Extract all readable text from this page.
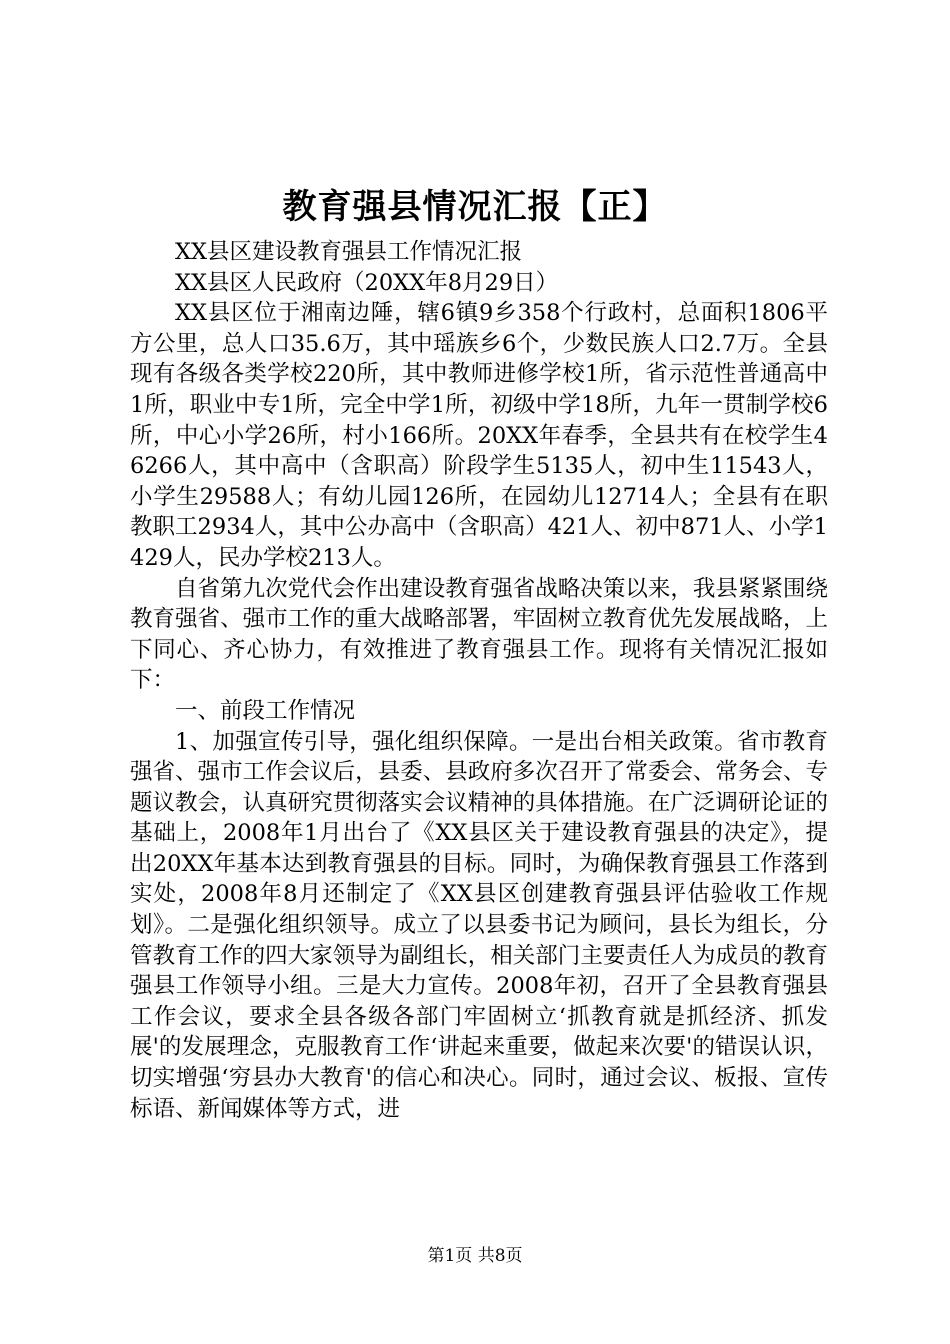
教育强县情况汇报【正】

XX县区建设教育强县工作情况汇报

XX县区人民政府（20XX年8月29日）

XX县区位于湘南边陲，辖6镇9乡358个行政村，总面积1806平方公里，总人口35.6万，其中瑶族乡6个，少数民族人口2.7万。全县现有各级各类学校220所，其中教师进修学校1所，省示范性普通高中1所，职业中专1所，完全中学1所，初级中学18所，九年一贯制学校6所，中心小学26所，村小166所。20XX年春季，全县共有在校学生46266人，其中高中（含职高）阶段学生5135人，初中生11543人，小学生29588人；有幼儿园126所，在园幼儿12714人；全县有在职教职工2934人，其中公办高中（含职高）421人、初中871人、小学1429人，民办学校213人。

自省第九次党代会作出建设教育强省战略决策以来，我县紧紧围绕教育强省、强市工作的重大战略部署，牢固树立教育优先发展战略，上下同心、齐心协力，有效推进了教育强县工作。现将有关情况汇报如下：

一、前段工作情况

1、加强宣传引导，强化组织保障。一是出台相关政策。省市教育强省、强市工作会议后，县委、县政府多次召开了常委会、常务会、专题议教会，认真研究贯彻落实会议精神的具体措施。在广泛调研论证的基础上，2008年1月出台了《XX县区关于建设教育强县的决定》，提出20XX年基本达到教育强县的目标。同时，为确保教育强县工作落到实处，2008年8月还制定了《XX县区创建教育强县评估验收工作规划》。二是强化组织领导。成立了以县委书记为顾问，县长为组长，分管教育工作的四大家领导为副组长，相关部门主要责任人为成员的教育强县工作领导小组。三是大力宣传。2008年初，召开了全县教育强县工作会议，要求全县各级各部门牢固树立‘抓教育就是抓经济、抓发展'的发展理念，克服教育工作‘讲起来重要，做起来次要'的错误认识，切实增强‘穷县办大教育'的信心和决心。同时，通过会议、板报、宣传标语、新闻媒体等方式，进

第1页 共8页
